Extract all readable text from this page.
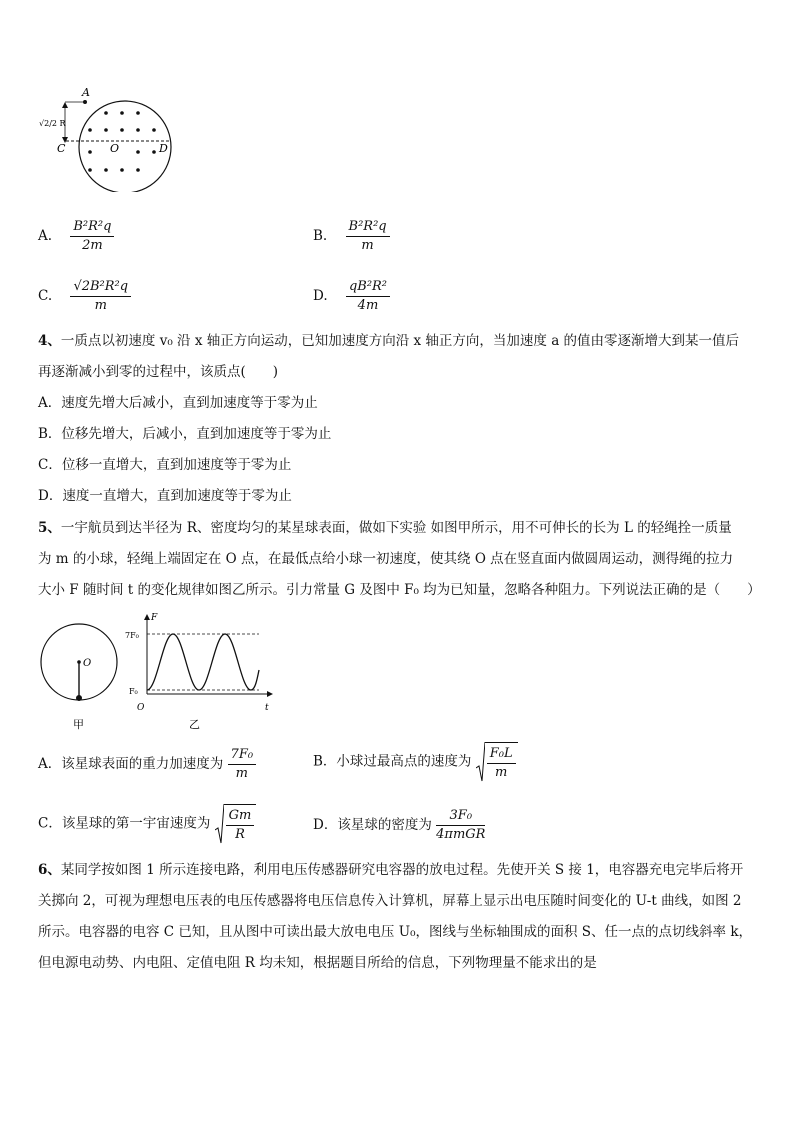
A
C	O	D
√2/2 R
A. $\frac{\text{B²R²q}}{2m}$	B. $\frac{\text{B²R²q}}{m}$
C. $\frac{\text{√2B²R²q}}{m}$	D. $\frac{\text{qB²R²}}{4m}$
4、一质点以初速度 v₀ 沿 x 轴正方向运动，已知加速度方向沿 x 轴正方向，当加速度 a 的值由零逐渐增大到某一值后
再逐渐减小到零的过程中，该质点(　　)
A．速度先增大后减小，直到加速度等于零为止
B．位移先增大，后减小，直到加速度等于零为止
C．位移一直增大，直到加速度等于零为止
D．速度一直增大，直到加速度等于零为止
5、一宇航员到达半径为 R、密度均匀的某星球表面，做如下实验 如图甲所示，用不可伸长的长为 L 的轻绳拴一质量
为 m 的小球，轻绳上端固定在 O 点，在最低点给小球一初速度，使其绕 O 点在竖直面内做圆周运动，测得绳的拉力
大小 F 随时间 t 的变化规律如图乙所示。引力常量 G 及图中 F₀ 均为已知量，忽略各种阻力。下列说法正确的是（　　）
O
甲
F
t
O
7F₀
F₀
乙
A．该星球表面的重力加速度为 $\frac{\text{7F₀}}{m}$	B．小球过最高点的速度为 $\frac{\text{F₀L}}{m}$
C．该星球的第一宇宙速度为 $\frac{Gm}{R}$	D．该星球的密度为 $\frac{\text{3F₀}}{\text{4πmGR}}$
6、某同学按如图 1 所示连接电路，利用电压传感器研究电容器的放电过程。先使开关 S 接 1，电容器充电完毕后将开
关掷向 2，可视为理想电压表的电压传感器将电压信息传入计算机，屏幕上显示出电压随时间变化的 U-t 曲线，如图 2
所示。电容器的电容 C 已知，且从图中可读出最大放电电压 U₀，图线与坐标轴围成的面积 S、任一点的点切线斜率 k，
但电源电动势、内电阻、定值电阻 R 均未知，根据题目所给的信息，下列物理量不能求出的是
